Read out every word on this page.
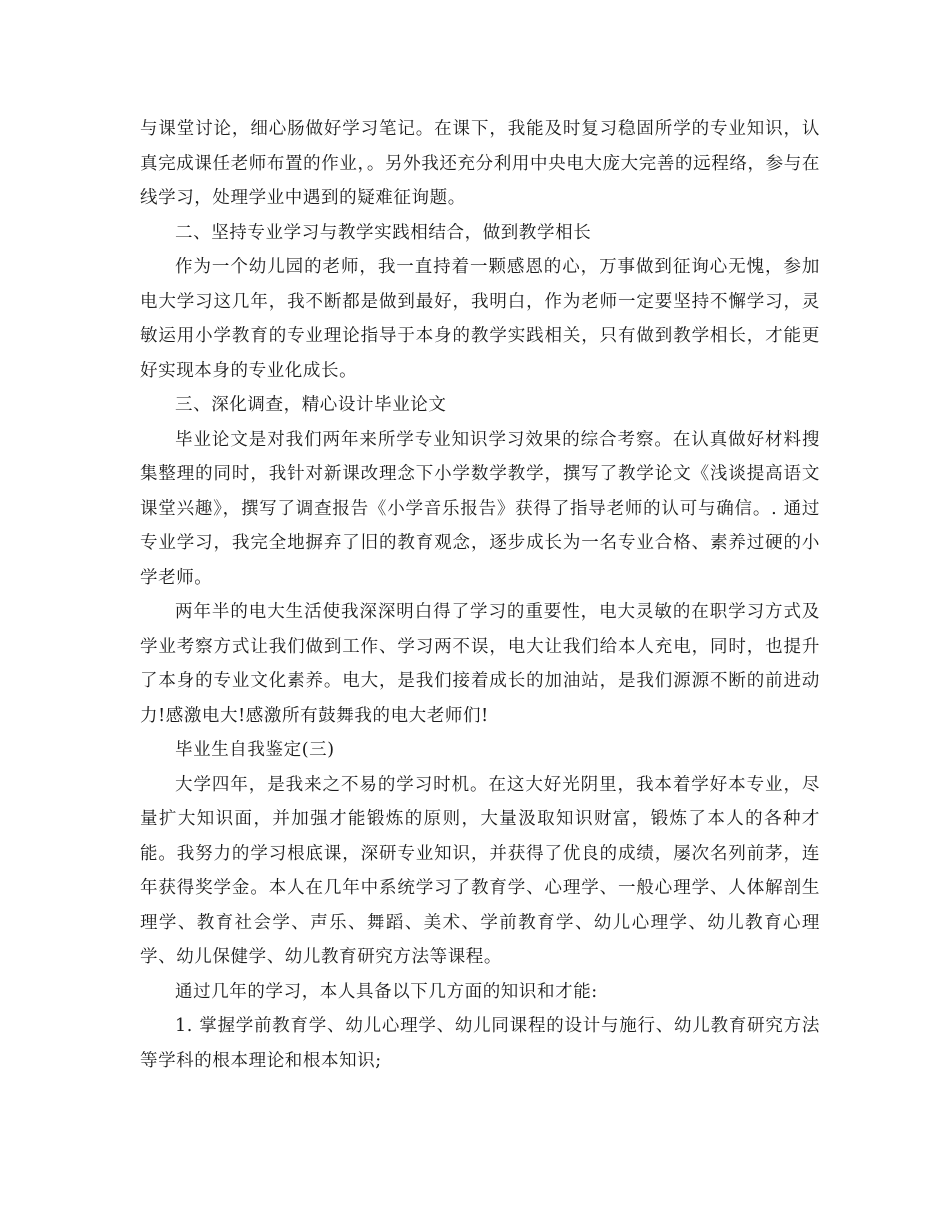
与课堂讨论，细心肠做好学习笔记。在课下，我能及时复习稳固所学的专业知识，认真完成课任老师布置的作业，。另外我还充分利用中央电大庞大完善的远程络，参与在线学习，处理学业中遇到的疑难征询题。

二、坚持专业学习与教学实践相结合，做到教学相长

作为一个幼儿园的老师，我一直持着一颗感恩的心，万事做到征询心无愧，参加电大学习这几年，我不断都是做到最好，我明白，作为老师一定要坚持不懈学习，灵敏运用小学教育的专业理论指导于本身的教学实践相关，只有做到教学相长，才能更好实现本身的专业化成长。

三、深化调查，精心设计毕业论文

毕业论文是对我们两年来所学专业知识学习效果的综合考察。在认真做好材料搜集整理的同时，我针对新课改理念下小学数学教学，撰写了教学论文《浅谈提高语文课堂兴趣》，撰写了调查报告《小学音乐报告》获得了指导老师的认可与确信。. 通过专业学习，我完全地摒弃了旧的教育观念，逐步成长为一名专业合格、素养过硬的小学老师。

两年半的电大生活使我深深明白得了学习的重要性，电大灵敏的在职学习方式及学业考察方式让我们做到工作、学习两不误，电大让我们给本人充电，同时，也提升了本身的专业文化素养。电大，是我们接着成长的加油站，是我们源源不断的前进动力!感激电大!感激所有鼓舞我的电大老师们!

毕业生自我鉴定(三)

大学四年，是我来之不易的学习时机。在这大好光阴里，我本着学好本专业，尽量扩大知识面，并加强才能锻炼的原则，大量汲取知识财富，锻炼了本人的各种才能。我努力的学习根底课，深研专业知识，并获得了优良的成绩，屡次名列前茅，连年获得奖学金。本人在几年中系统学习了教育学、心理学、一般心理学、人体解剖生理学、教育社会学、声乐、舞蹈、美术、学前教育学、幼儿心理学、幼儿教育心理学、幼儿保健学、幼儿教育研究方法等课程。

通过几年的学习，本人具备以下几方面的知识和才能:

1. 掌握学前教育学、幼儿心理学、幼儿同课程的设计与施行、幼儿教育研究方法等学科的根本理论和根本知识;
